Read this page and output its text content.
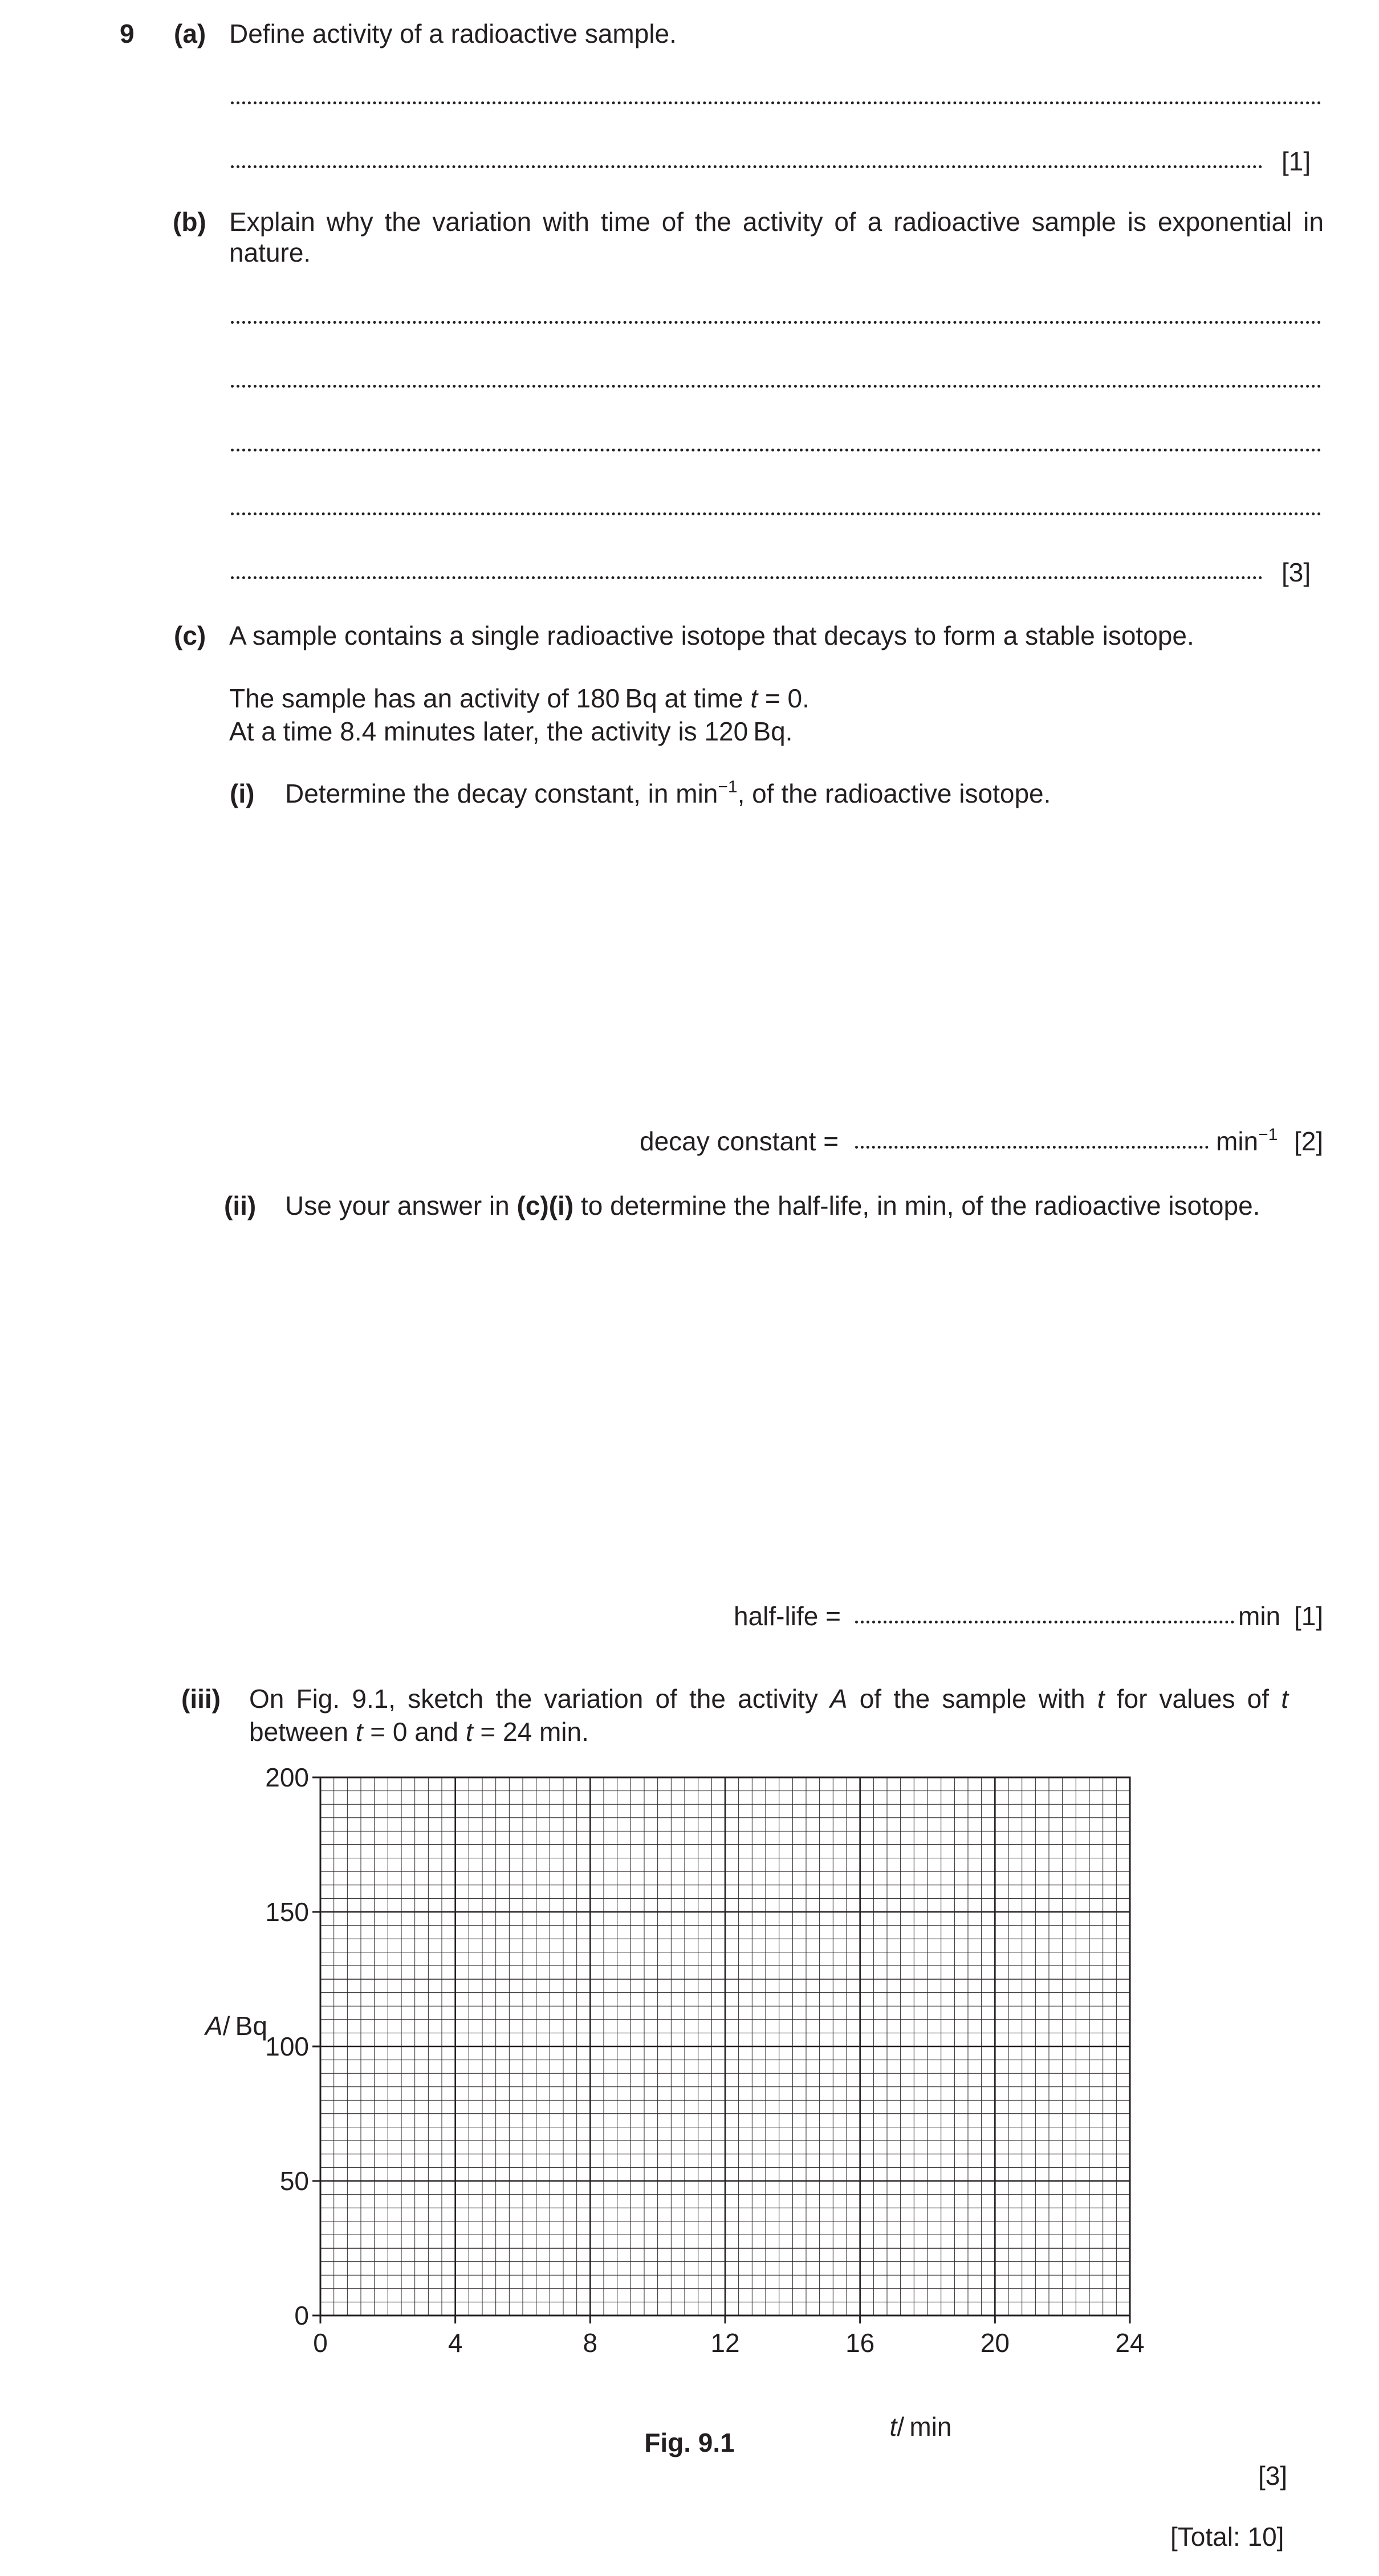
9 (a) Define activity of a radioactive sample.
[1]
(b) Explain why the variation with time of the activity of a radioactive sample is exponential in nature.
[3]
(c) A sample contains a single radioactive isotope that decays to form a stable isotope.
The sample has an activity of 180 Bq at time t = 0.
At a time 8.4 minutes later, the activity is 120 Bq.
(i) Determine the decay constant, in $\min^{-1}$, of the radioactive isotope.
decay constant =	$\min^{-1} [2]$
(ii) Use your answer in (c)(i) to determine the half-life, in min, of the radioactive isotope.
half-life =	min [1]
(iii) On Fig. 9.1, sketch the variation of the activity A of the sample with t for values of t
between t = 0 and t = 24 min.
0	4	8	12	16	20	24
0
50
100
150
200
A/ Bq
t/ min
Fig. 9.1
[3]
[Total: 10]
